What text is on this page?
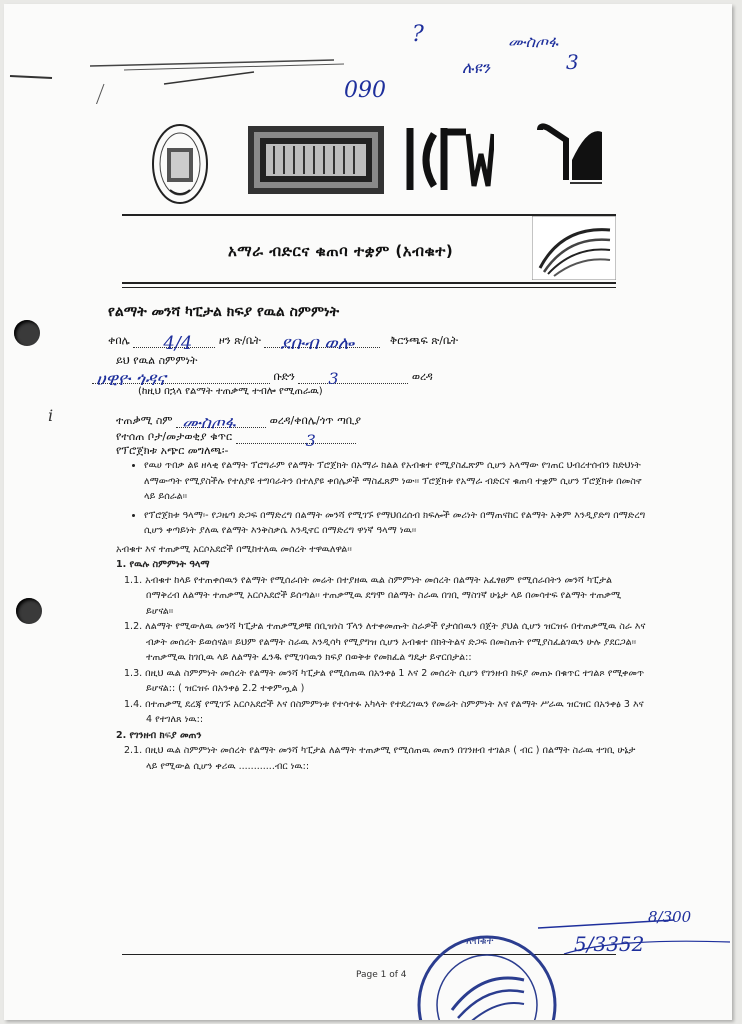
?	ሙስጦፋ
ሉዩን	3
090
አማራ ብድርና ቁጠባ ተቋም (አብቁተ)
የልማት መንሻ ካፒታል ክፍያ የዉል ስምምነት
ቀበሌ 4/4 ዞን ጽ/ቤት ደቡብ ወሎ	ቅርንጫፍ ጽ/ቤት
ይህ የዉል ስምምነት
ሀዊዮ ጎዳና	ቡድን 3	ወረዳ
(ከዚህ በኋላ የልማት ተጠቃሚ ተብሎ የሚጠራዉ)
ተጠቃሚ ስም ሙስጦፋ	ወረዳ/ቀበሌ/ጎጥ ጣቢያ
የተሰጠ ቦታ/መታወቂያ ቁጥር	3
የፕሮጀክቱ አጭር መግለጫ፡-
ⅰ
• የዉሀ ጥበቃ ልዩ ዘላቂ የልማት ፕሮግራም የልማት ፕሮጀክት በአማራ ክልል የአብቁተ የሚያስፈጽም ሲሆን አላማው የገጠር ህብረተሰብን ከድህነት ለማውጣት የሚያስችሉ የተለያዩ ተግባራትን በተለያዩ ቀበሌዎች ማስፈጸም ነው፡፡ ፕሮጀክቱ የአማራ ብድርና ቁጠባ ተቋም ሲሆን ፕሮጀክቱ በመስኖ ላይ ይሰራል።
• የፕሮጀክቱ ዓላማ፡- የጋዜጣ ድጋፍ በማድረግ በልማት መንሻ የሚገኙ የማህበረሰብ ክፍሎች መሪነት በማጠናከር የልማት አቅም እንዲያድግ በማድረግ ሲሆን ቀጣይነት ያለዉ የልማት እንቅስቃሴ እንዲኖር በማድረግ ዋነኛ ዓላማ ነዉ፡፡

አብቁተ እና ተጠቃሚ አርሶአደሮች በሚከተለዉ መሰረት ተዋዉለዋል፡፡

1. የዉሉ ስምምነት ዓላማ

1.1. አብቁተ ከላይ የተጠቀሰዉን የልማት የሚሰራበት መሬት በተያዘዉ ዉል ስምምነት መሰረት በልማት አፈፃፀም የሚሰራበትን መንሻ ካፒታል በማቅረብ ለልማት ተጠቃሚ አርሶአደሮች ይሰጣል፡፡ ተጠቃሚዉ ደግሞ በልማት ስራዉ በገቢ ማስገኛ ሁኔታ ላይ በመሳተፍ የልማት ተጠቃሚ ይሆናል።

1.2. ለልማት የሚውለዉ መንሻ ካፒታል ተጠቃሚዎቹ በቢዝነስ ፕላን ለተቀመጡት ስራዎች የታሰበዉን በጀት ያህል ሲሆን ዝርዝሩ በተጠቃሚዉ ስራ እና ብቃት መሰረት ይወሰናል፡፡ ይህም የልማት ስራዉ እንዲሳካ የሚያግዝ ሲሆን አብቁተ በክትትልና ድጋፍ በመስጠት የሚያስፈልገዉን ሁሉ ያደርጋል፡፡ ተጠቃሚዉ ከገቢዉ ላይ ለልማት ፈንዱ የሚገባዉን ክፍያ በወቅቱ የመክፈል ግዴታ ይኖርበታል::

1.3. በዚህ ዉል ስምምነት መሰረት የልማት መንሻ ካፒታል የሚሰጠዉ በአንቀፅ 1 እና 2 መሰረት ሲሆን የገንዘብ ክፍያ መጠኑ በቁጥር ተገልጾ የሚቀመጥ ይሆናል:: ( ዝርዝሩ በአንቀፅ 2.2 ተቀምጧል )

1.4. በተጠቃሚ ደረጃ የሚገኙ አርሶአደሮች እና በስምምነቱ የተሳተፉ አካላት የተደረገዉን የመሬት ስምምነት እና የልማት ሥራዉ ዝርዝር በአንቀፅ 3 እና 4 የተገለጸ ነዉ::

2. የገንዘብ ክፍያ መጠን

2.1. በዚህ ዉል ስምምነት መሰረት የልማት መንሻ ካፒታል ለልማት ተጠቃሚ የሚሰጠዉ መጠን በገንዘብ ተገልጾ ( ብር ) በልማት ስራዉ ተገቢ ሁኔታ ላይ የሚውል ሲሆን ቀሪዉ ............ብር ነዉ::

8/300
5/3352
Page 1 of 4
አብቁተ
